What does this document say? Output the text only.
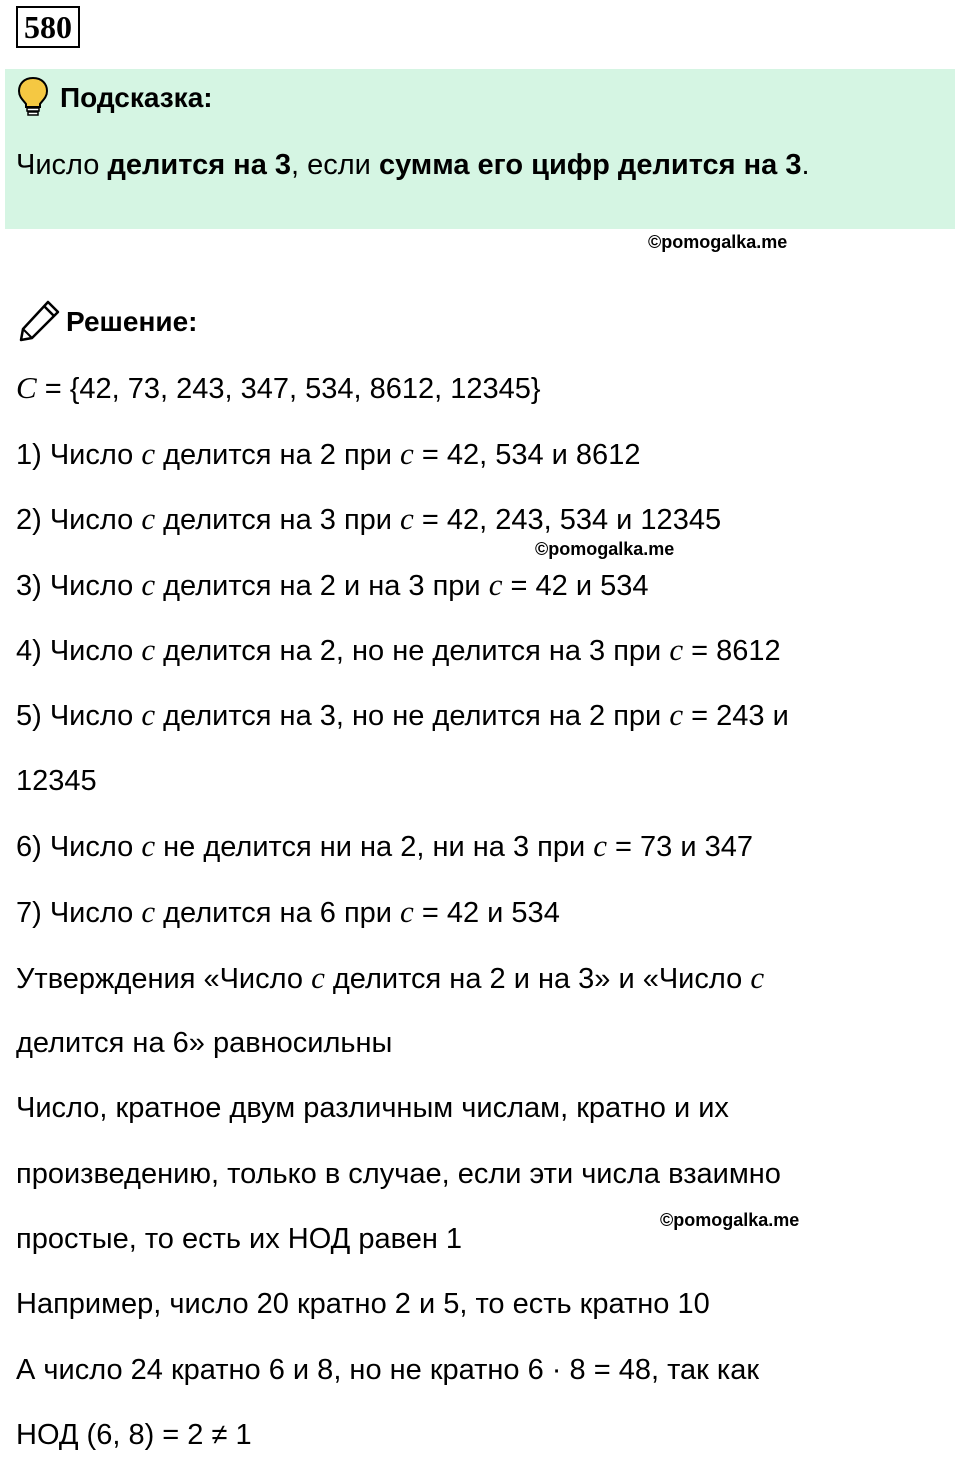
580
Подсказка:
Число делится на 3, если сумма его цифр делится на 3.
©pomogalka.me
Решение:
C = {42, 73, 243, 347, 534, 8612, 12345}
1) Число c делится на 2 при c = 42, 534 и 8612
2) Число c делится на 3 при c = 42, 243, 534 и 12345
©pomogalka.me
3) Число c делится на 2 и на 3 при c = 42 и 534
4) Число c делится на 2, но не делится на 3 при c = 8612
5) Число c делится на 3, но не делится на 2 при c = 243 и
12345
6) Число c не делится ни на 2, ни на 3 при c = 73 и 347
7) Число c делится на 6 при c = 42 и 534
Утверждения «Число c делится на 2 и на 3» и «Число c
делится на 6» равносильны
Число, кратное двум различным числам, кратно и их
произведению, только в случае, если эти числа взаимно
©pomogalka.me
простые, то есть их НОД равен 1
Например, число 20 кратно 2 и 5, то есть кратно 10
А число 24 кратно 6 и 8, но не кратно 6 · 8 = 48, так как
НОД (6, 8) = 2 ≠ 1
